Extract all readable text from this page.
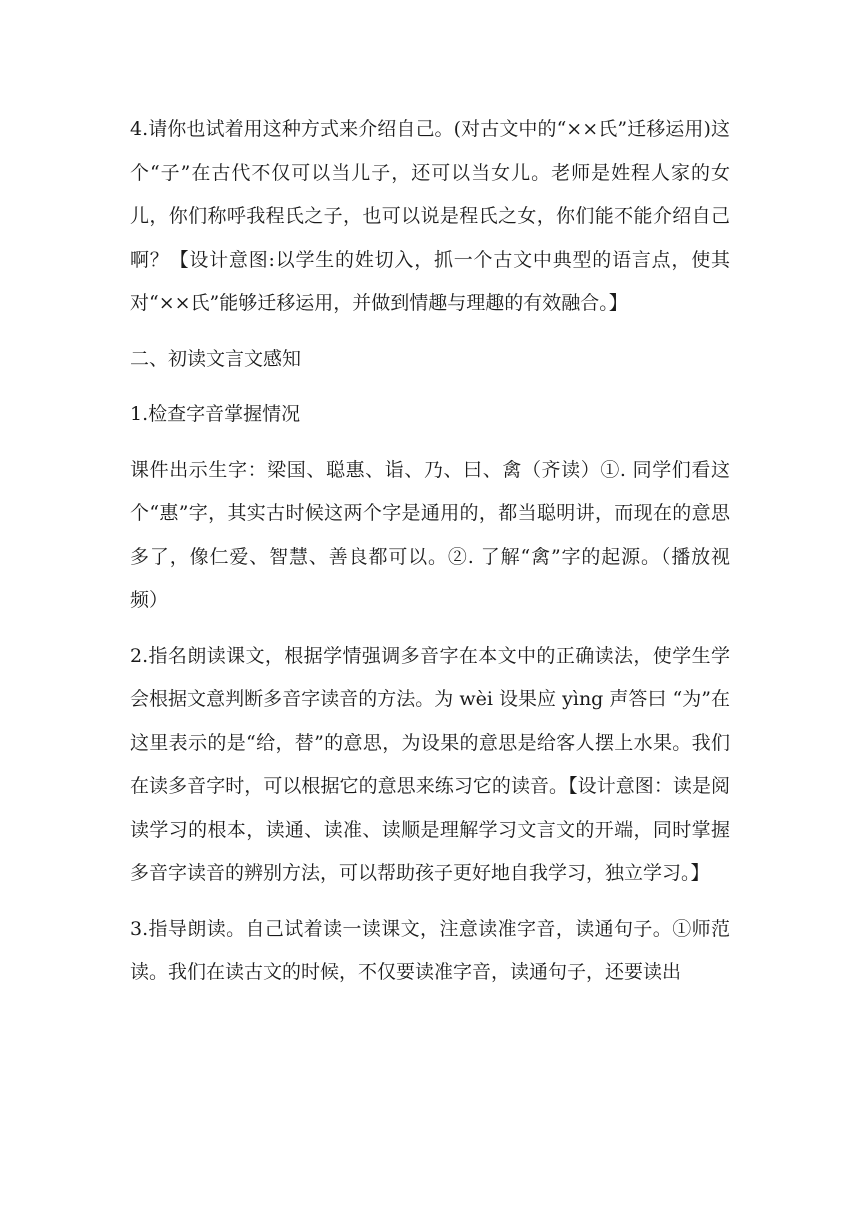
4.请你也试着用这种方式来介绍自己。(对古文中的“××氏”迁移运用)这个“子”在古代不仅可以当儿子，还可以当女儿。老师是姓程人家的女儿，你们称呼我程氏之子，也可以说是程氏之女，你们能不能介绍自己啊？【设计意图:以学生的姓切入，抓一个古文中典型的语言点，使其对“××氏”能够迁移运用，并做到情趣与理趣的有效融合。】

二、初读文言文感知

1.检查字音掌握情况

课件出示生字：梁国、聪惠、诣、乃、曰、禽（齐读）①. 同学们看这个“惠”字，其实古时候这两个字是通用的，都当聪明讲，而现在的意思多了，像仁爱、智慧、善良都可以。②. 了解“禽”字的起源。（播放视频）

2.指名朗读课文，根据学情强调多音字在本文中的正确读法，使学生学会根据文意判断多音字读音的方法。为 wèi 设果应 yìng 声答曰 “为”在这里表示的是“给，替”的意思，为设果的意思是给客人摆上水果。我们在读多音字时，可以根据它的意思来练习它的读音。【设计意图：读是阅读学习的根本，读通、读准、读顺是理解学习文言文的开端，同时掌握多音字读音的辨别方法，可以帮助孩子更好地自我学习，独立学习。】

3.指导朗读。自己试着读一读课文，注意读准字音，读通句子。①师范读。我们在读古文的时候，不仅要读准字音，读通句子，还要读出
